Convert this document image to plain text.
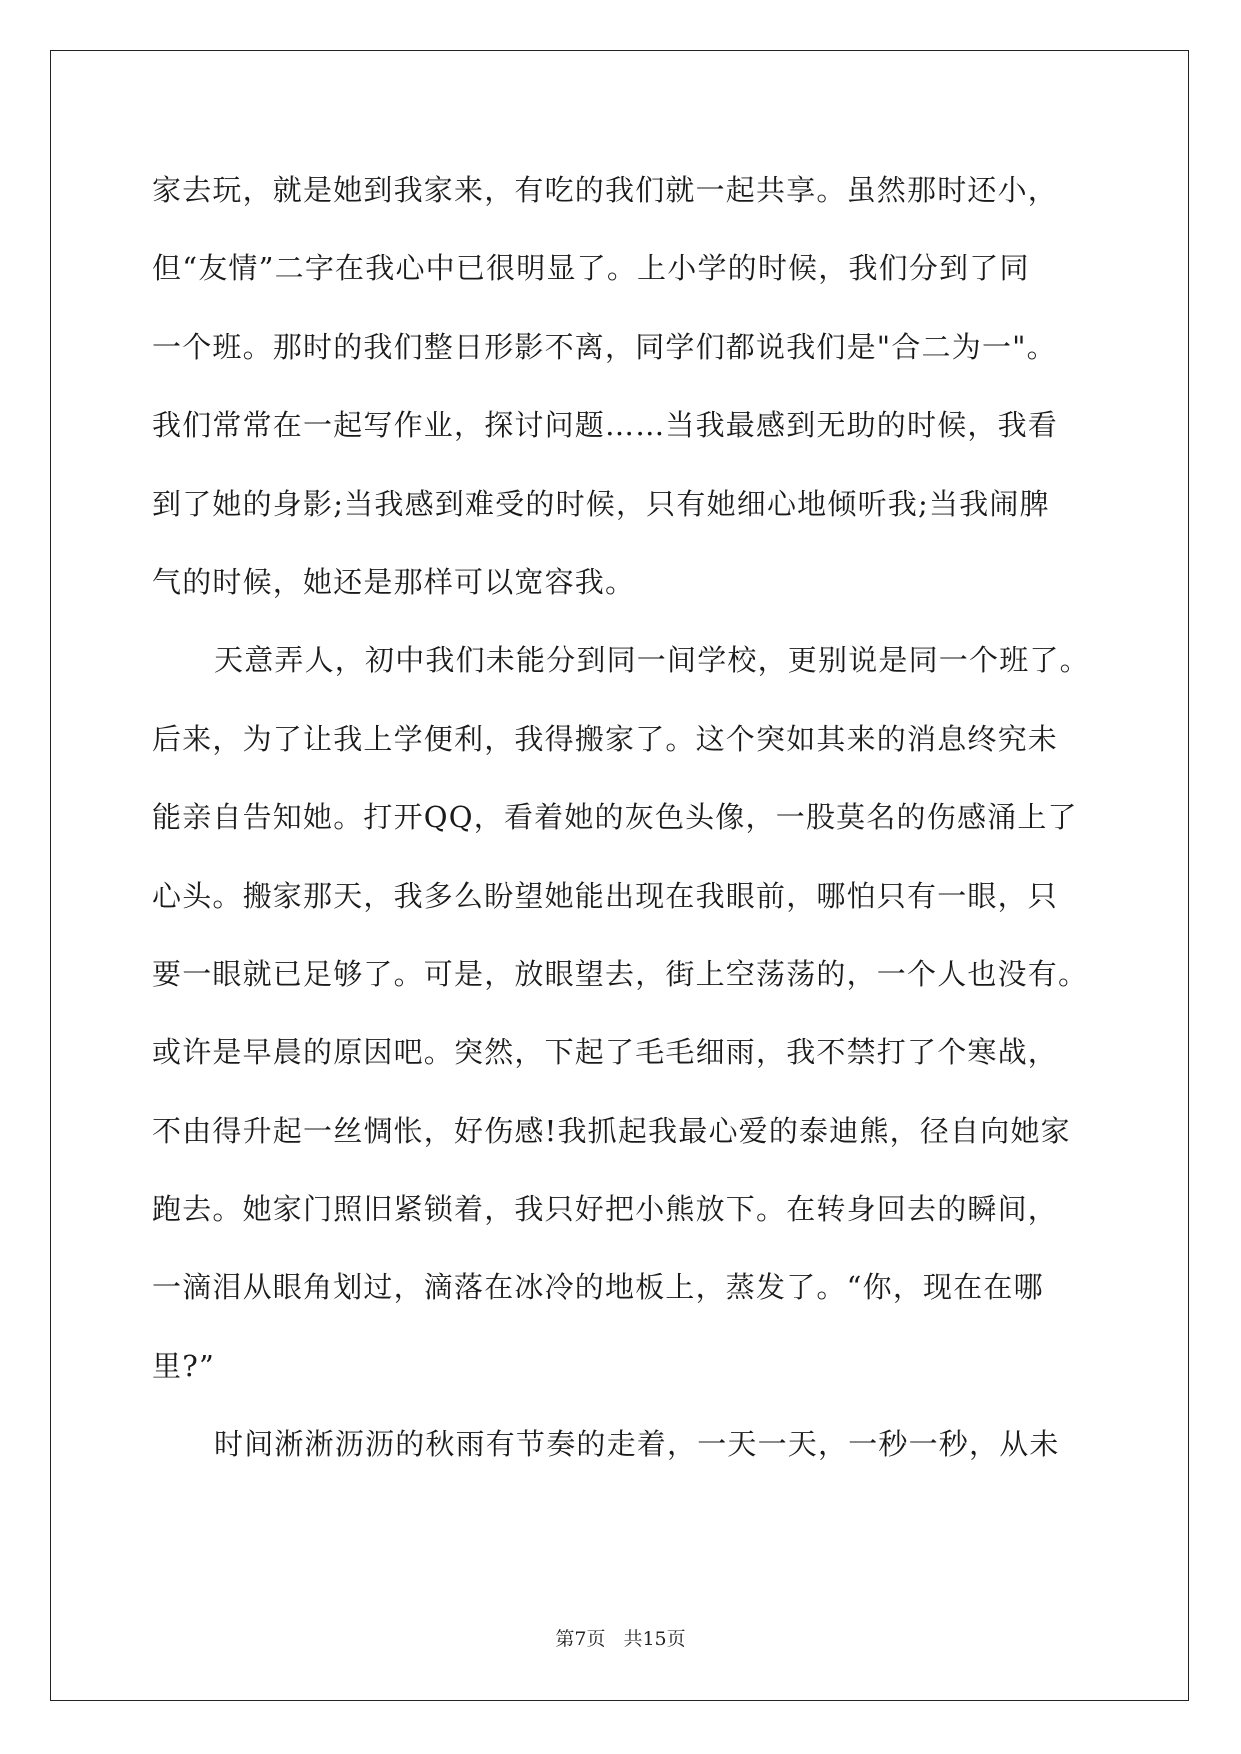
家去玩，就是她到我家来，有吃的我们就一起共享。虽然那时还小，
但“友情”二字在我心中已很明显了。上小学的时候，我们分到了同
一个班。那时的我们整日形影不离，同学们都说我们是"合二为一"。
我们常常在一起写作业，探讨问题……当我最感到无助的时候，我看
到了她的身影;当我感到难受的时候，只有她细心地倾听我;当我闹脾
气的时候，她还是那样可以宽容我。
天意弄人，初中我们未能分到同一间学校，更别说是同一个班了。
后来，为了让我上学便利，我得搬家了。这个突如其来的消息终究未
能亲自告知她。打开QQ，看着她的灰色头像，一股莫名的伤感涌上了
心头。搬家那天，我多么盼望她能出现在我眼前，哪怕只有一眼，只
要一眼就已足够了。可是，放眼望去，街上空荡荡的，一个人也没有。
或许是早晨的原因吧。突然，下起了毛毛细雨，我不禁打了个寒战，
不由得升起一丝惆怅，好伤感!我抓起我最心爱的泰迪熊，径自向她家
跑去。她家门照旧紧锁着，我只好把小熊放下。在转身回去的瞬间，
一滴泪从眼角划过，滴落在冰冷的地板上，蒸发了。“你，现在在哪
里?”
时间淅淅沥沥的秋雨有节奏的走着，一天一天，一秒一秒，从未
第7页 共15页
